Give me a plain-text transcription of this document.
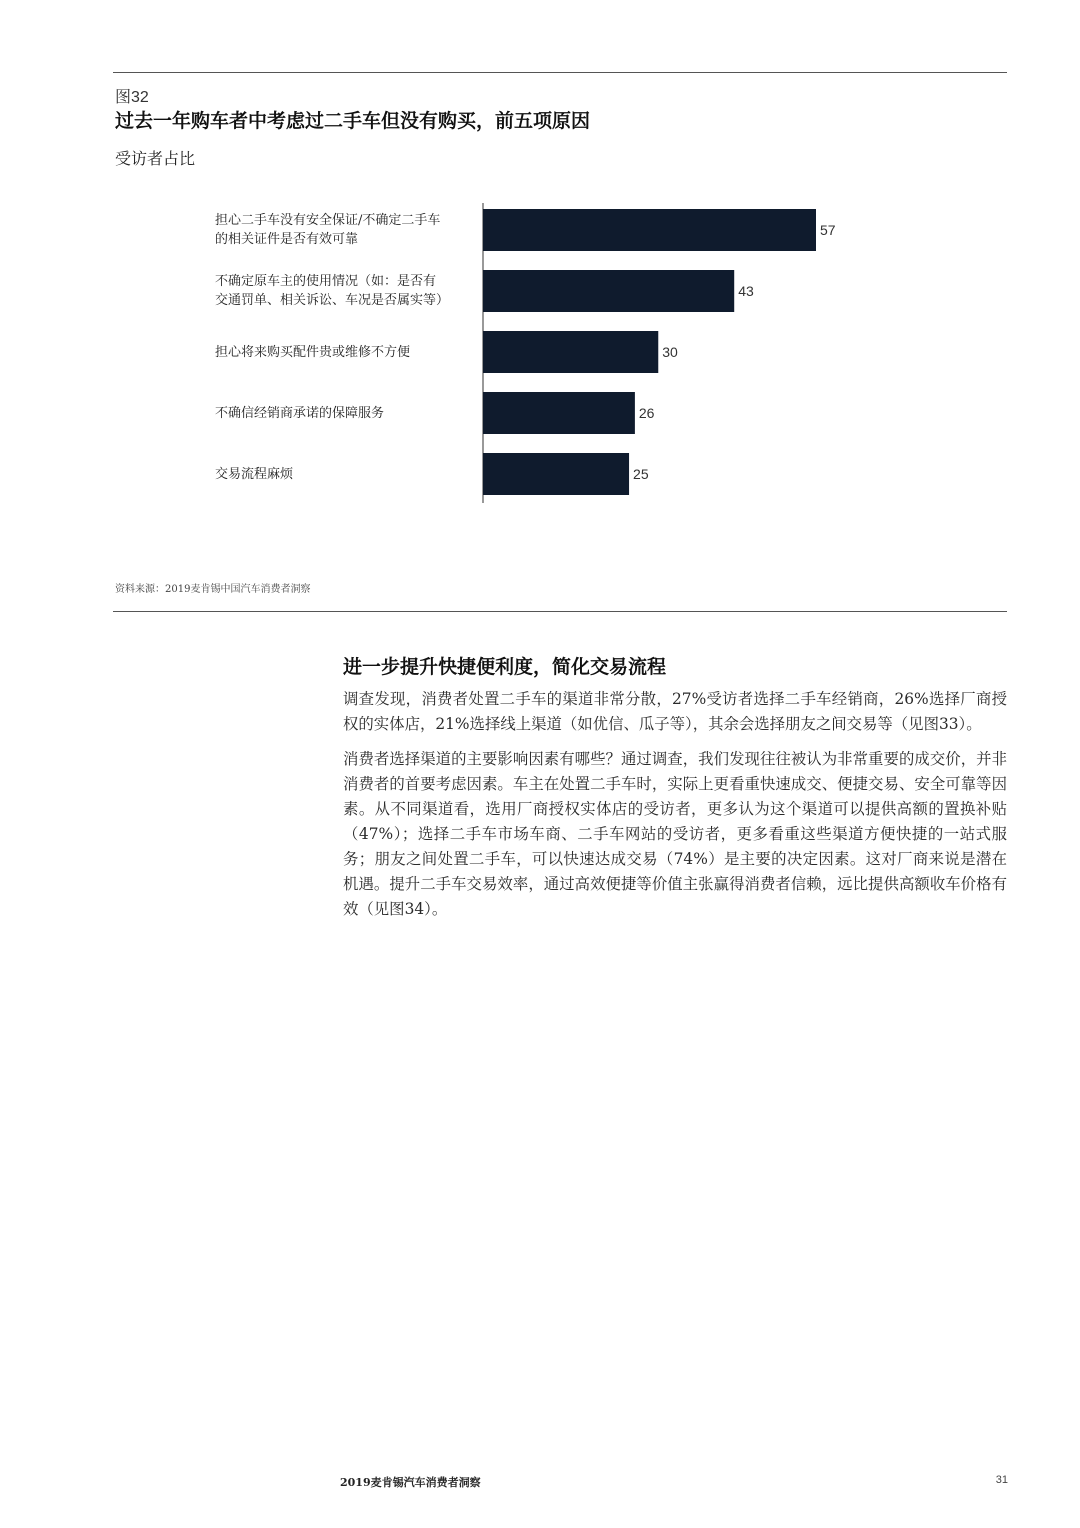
图32
过去一年购车者中考虑过二手车但没有购买，前五项原因
受访者占比
担心二手车没有安全保证/不确定二手车
的相关证件是否有效可靠
不确定原车主的使用情况（如：是否有
交通罚单、相关诉讼、车况是否属实等）
担心将来购买配件贵或维修不方便
不确信经销商承诺的保障服务
交易流程麻烦
57
43
30
26
25
资料来源：2019麦肯锡中国汽车消费者洞察
进一步提升快捷便利度，简化交易流程

调查发现，消费者处置二手车的渠道非常分散，27%受访者选择二手车经销商，26%选择厂商授权的实体店，21%选择线上渠道（如优信、瓜子等），其余会选择朋友之间交易等（见图33）。

消费者选择渠道的主要影响因素有哪些？通过调查，我们发现往往被认为非常重要的成交价，并非消费者的首要考虑因素。车主在处置二手车时，实际上更看重快速成交、便捷交易、安全可靠等因素。从不同渠道看，选用厂商授权实体店的受访者，更多认为这个渠道可以提供高额的置换补贴（47%）；选择二手车市场车商、二手车网站的受访者，更多看重这些渠道方便快捷的一站式服务；朋友之间处置二手车，可以快速达成交易（74%）是主要的决定因素。这对厂商来说是潜在机遇。提升二手车交易效率，通过高效便捷等价值主张赢得消费者信赖，远比提供高额收车价格有效（见图34）。

2019麦肯锡汽车消费者洞察	31
